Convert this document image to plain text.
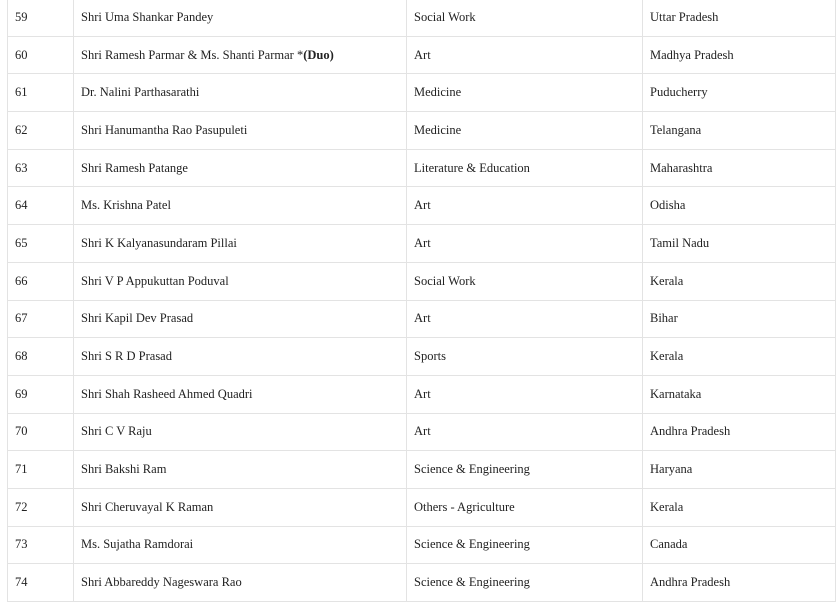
59	Shri Uma Shankar Pandey	Social Work	Uttar Pradesh
60	Shri Ramesh Parmar & Ms. Shanti Parmar *(Duo)	Art	Madhya Pradesh
61	Dr. Nalini Parthasarathi	Medicine	Puducherry
62	Shri Hanumantha Rao Pasupuleti	Medicine	Telangana
63	Shri Ramesh Patange	Literature & Education	Maharashtra
64	Ms. Krishna Patel	Art	Odisha
65	Shri K Kalyanasundaram Pillai	Art	Tamil Nadu
66	Shri V P Appukuttan Poduval	Social Work	Kerala
67	Shri Kapil Dev Prasad	Art	Bihar
68	Shri S R D Prasad	Sports	Kerala
69	Shri Shah Rasheed Ahmed Quadri	Art	Karnataka
70	Shri C V Raju	Art	Andhra Pradesh
71	Shri Bakshi Ram	Science & Engineering	Haryana
72	Shri Cheruvayal K Raman	Others - Agriculture	Kerala
73	Ms. Sujatha Ramdorai	Science & Engineering	Canada
74	Shri Abbareddy Nageswara Rao	Science & Engineering	Andhra Pradesh
